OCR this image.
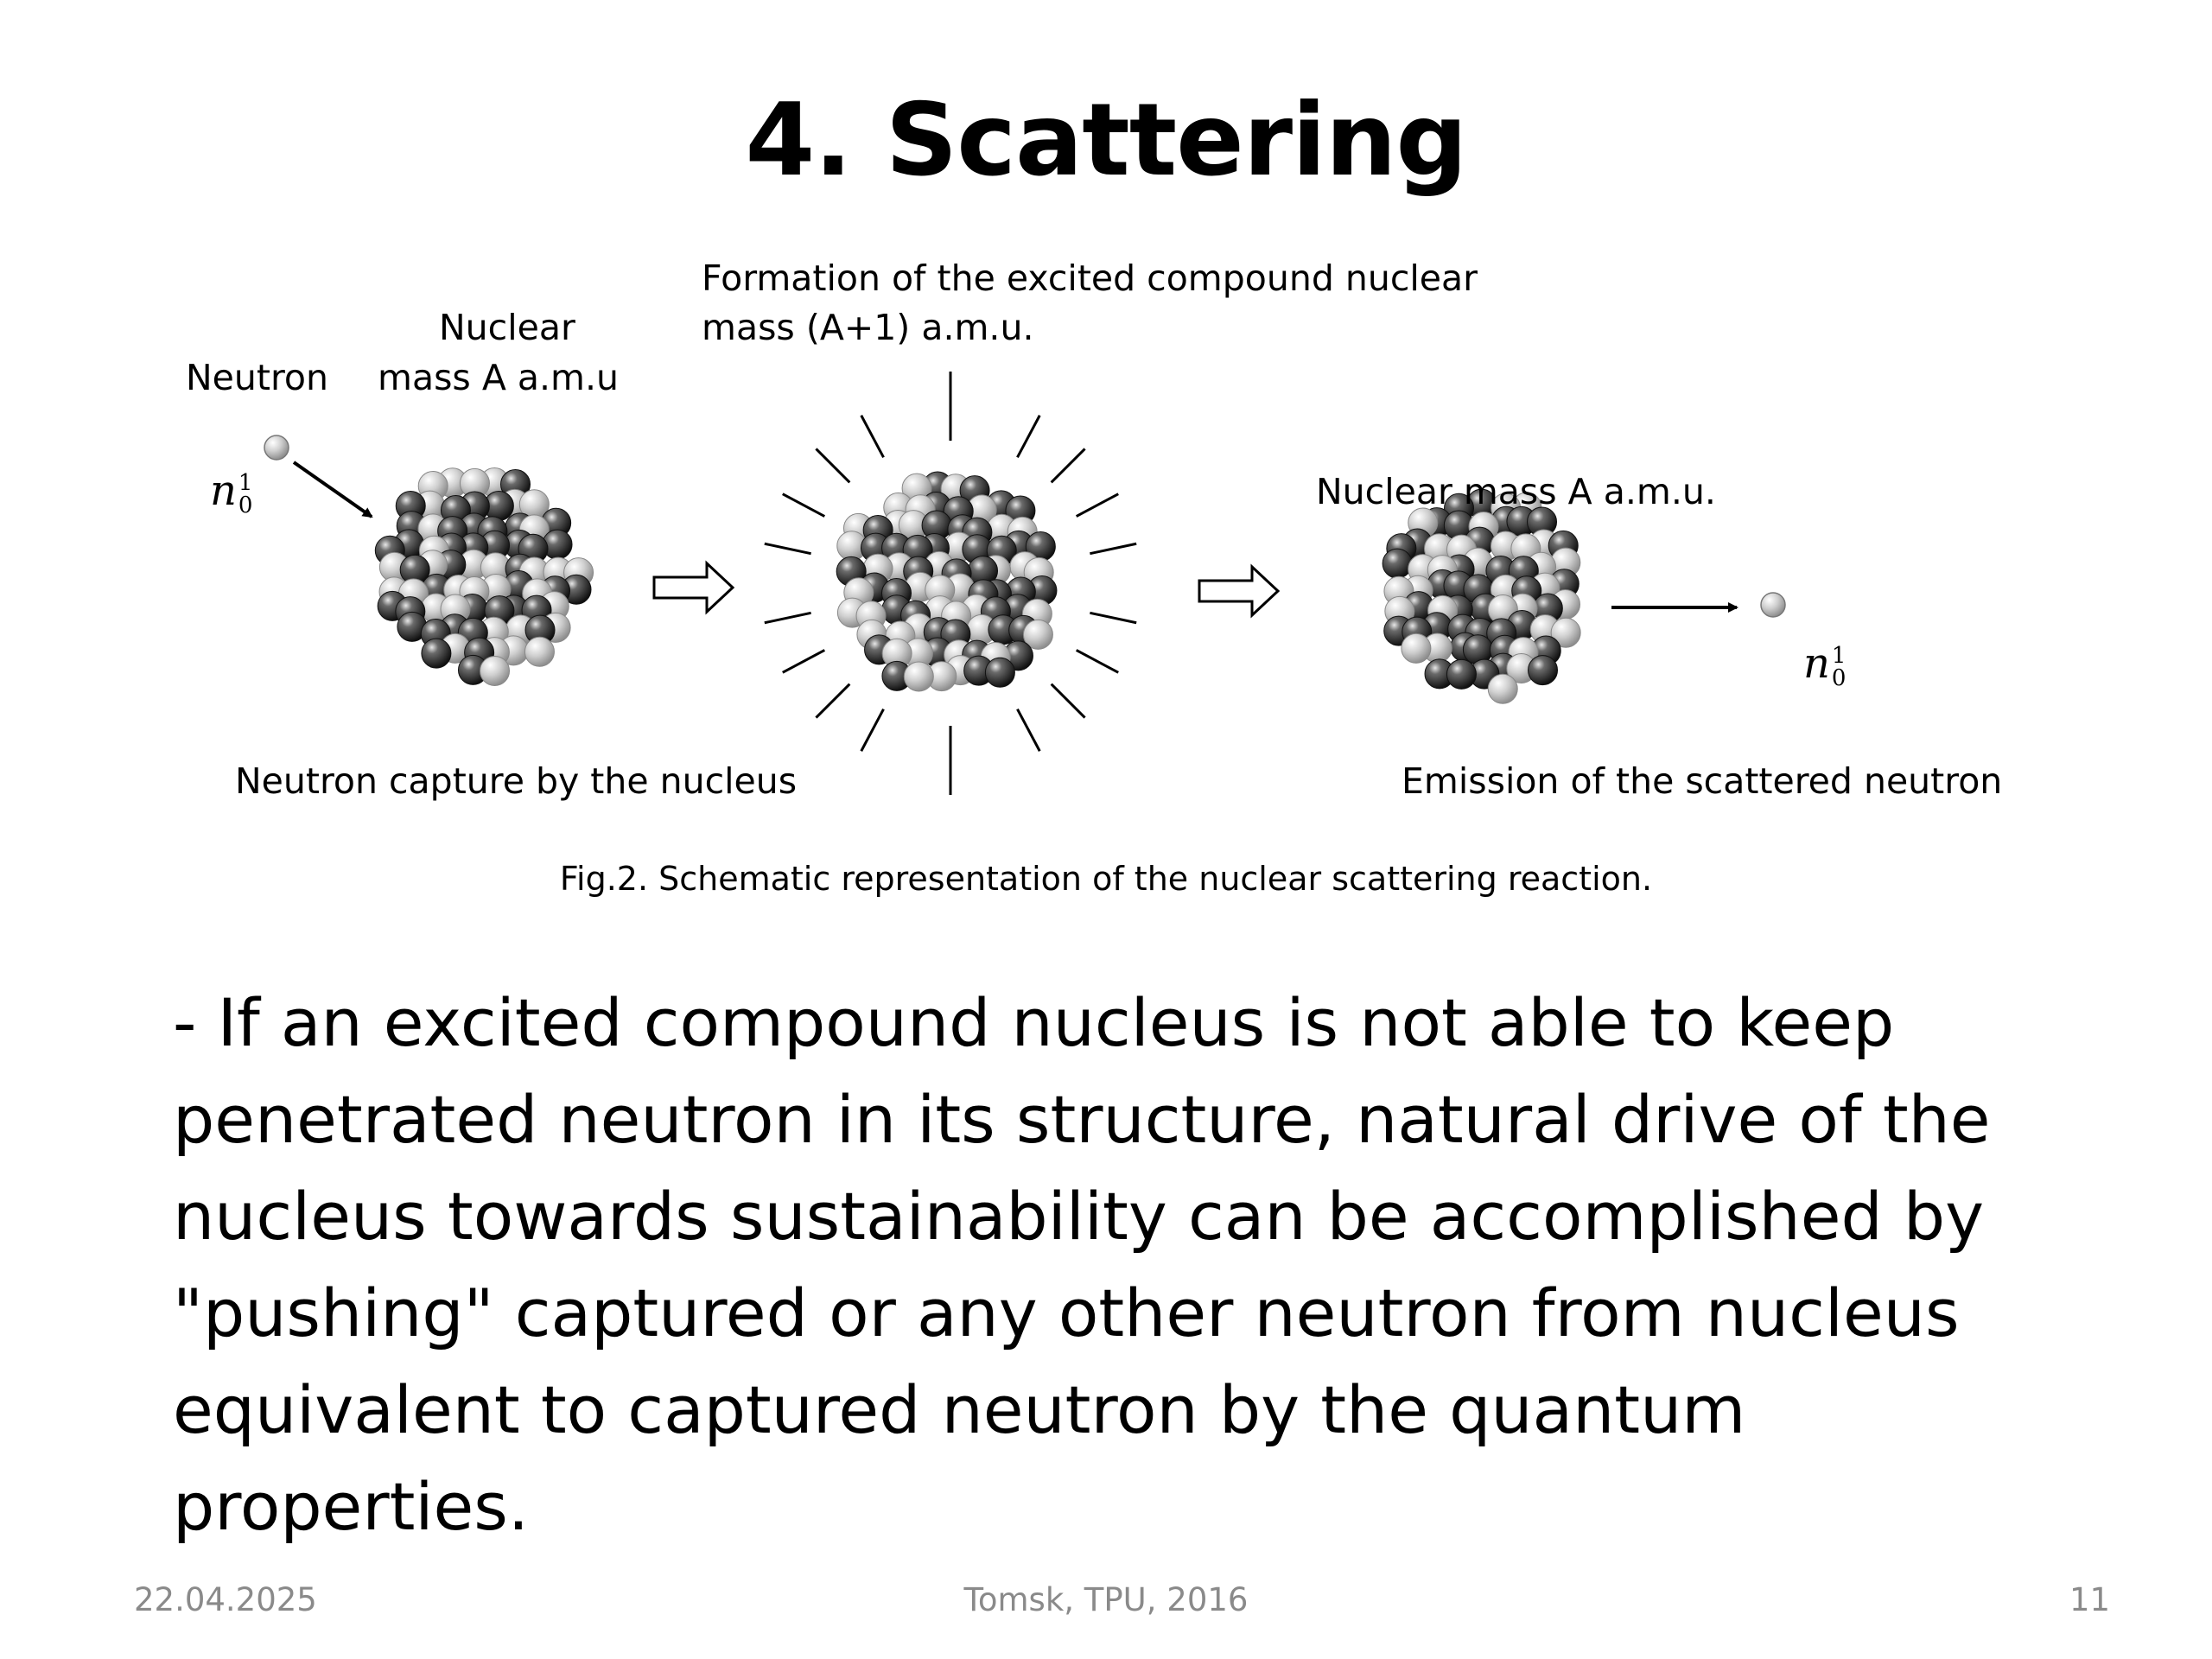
4. Scattering
Neutron
Nuclear
mass A a.m.u
Formation of the excited compound nuclear
mass (A+1) a.m.u.
Nuclear mass A a.m.u.
Neutron capture by the nucleus	Emission of the scattered neutron
n 1
0
n 1
0
Fig.2. Schematic representation of the nuclear scattering reaction.
- If an excited compound nucleus is not able to keep penetrated neutron in its structure, natural drive of the nucleus towards sustainability can be accomplished by "pushing" captured or any other neutron from nucleus equivalent to captured neutron by the quantum properties.
22.04.2025	Tomsk, TPU, 2016	11
